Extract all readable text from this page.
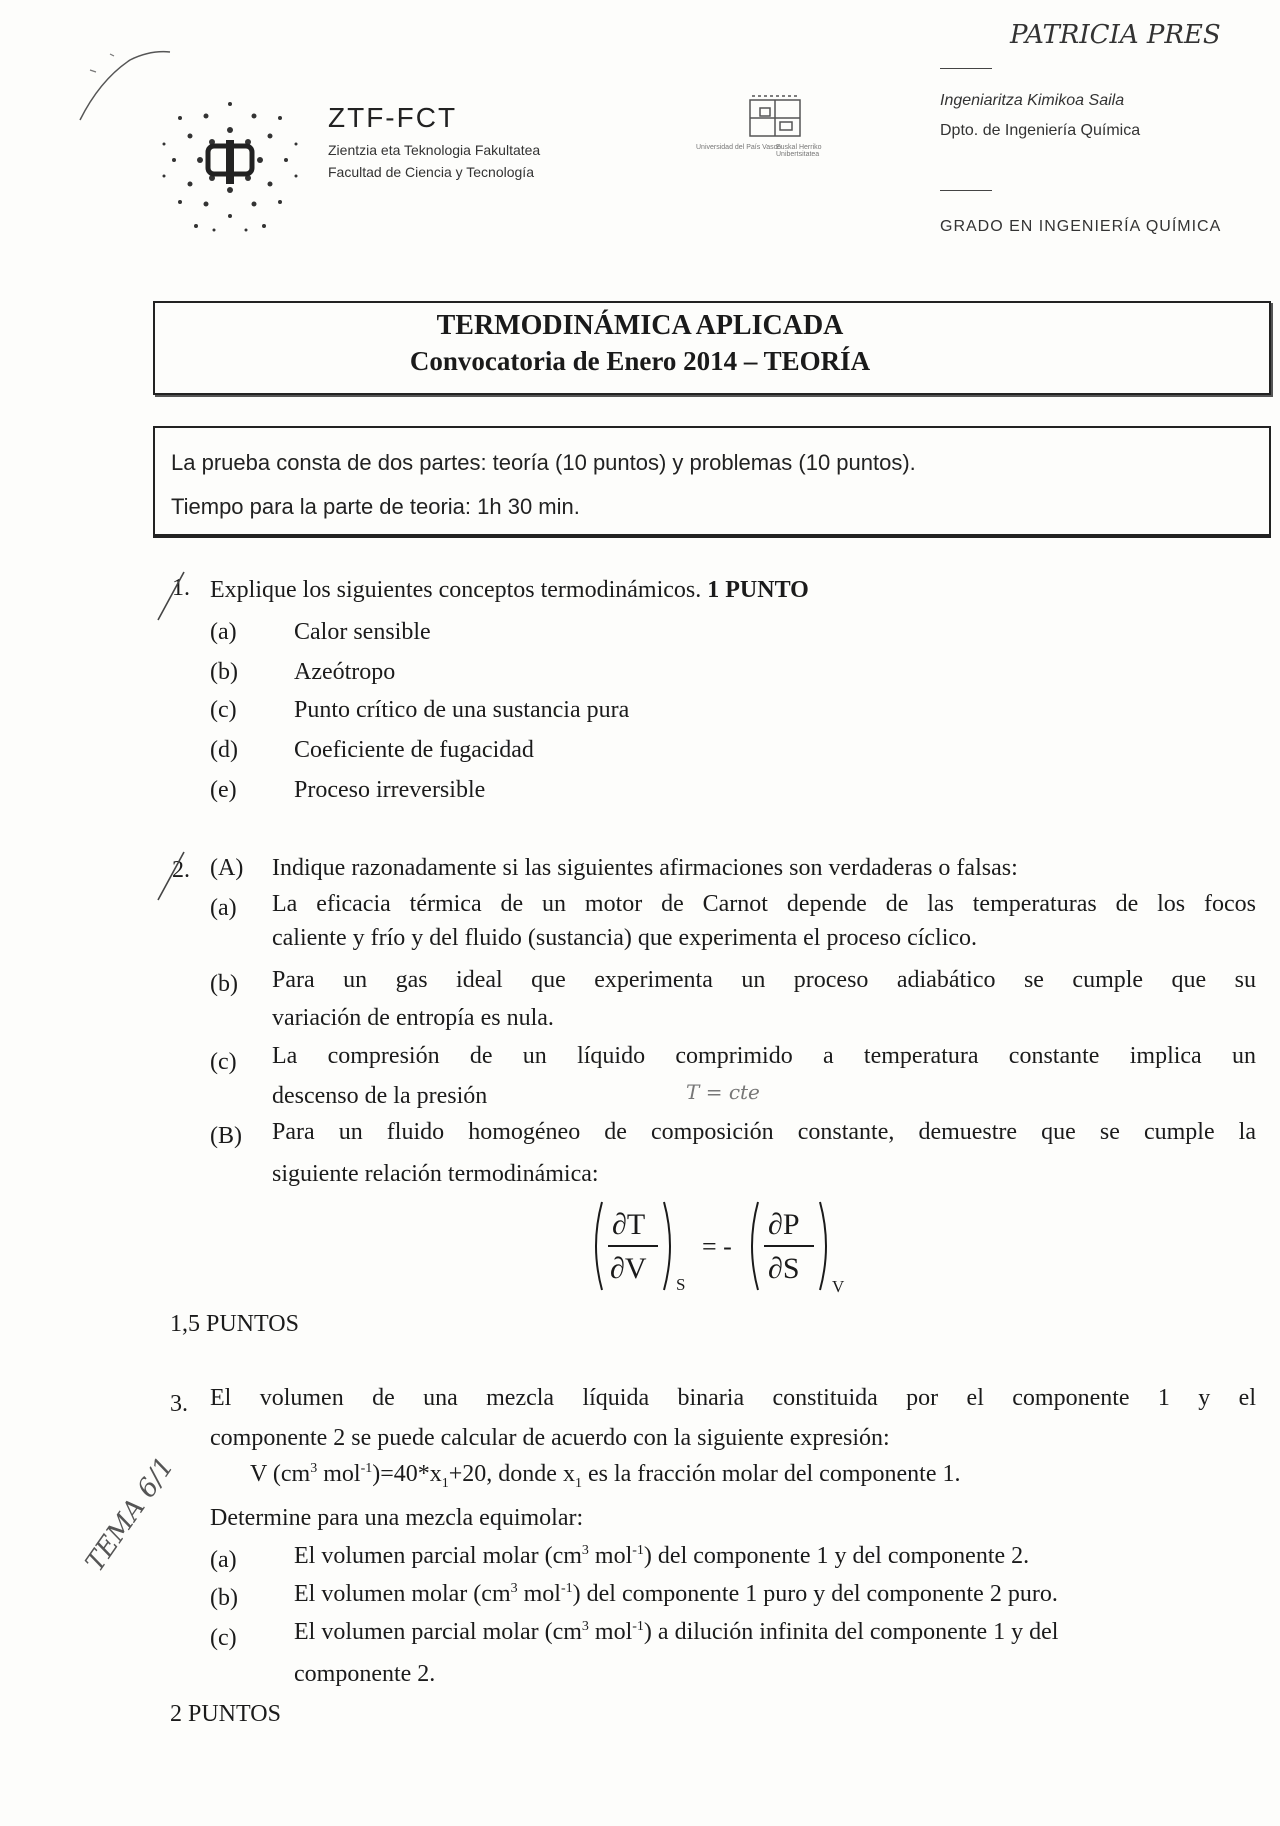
PATRICIA PRES
ZTF-FCT
Zientzia eta Teknologia Fakultatea
Facultad de Ciencia y Tecnología
Universidad del País Vasco
Euskal Herriko Unibertsitatea
Ingeniaritza Kimikoa Saila
Dpto. de Ingeniería Química
GRADO EN INGENIERÍA QUÍMICA
TERMODINÁMICA APLICADA
Convocatoria de Enero 2014 – TEORÍA
La prueba consta de dos partes: teoría (10 puntos) y problemas (10 puntos).
Tiempo para la parte de teoria: 1h 30 min.
1. Explique los siguientes conceptos termodinámicos. 1 PUNTO
(a) Calor sensible
(b) Azeótropo
(c) Punto crítico de una sustancia pura
(d) Coeficiente de fugacidad
(e) Proceso irreversible
2. (A) Indique razonadamente si las siguientes afirmaciones son verdaderas o falsas:
(a) La eficacia térmica de un motor de Carnot depende de las temperaturas de los focos
caliente y frío y del fluido (sustancia) que experimenta el proceso cíclico.
(b) Para un gas ideal que experimenta un proceso adiabático se cumple que su
variación de entropía es nula.
(c) La compresión de un líquido comprimido a temperatura constante implica un
descenso de la presión	T = cte
(B) Para un fluido homogéneo de composición constante, demuestre que se cumple la
siguiente relación termodinámica:
∂T
∂V S
= -
∂P
∂S
V
1,5 PUNTOS
3. El volumen de una mezcla líquida binaria constituida por el componente 1 y el
componente 2 se puede calcular de acuerdo con la siguiente expresión:
V ($cm^3$ $mol^{-1})=40*x_1+20$, donde $x_1$ es la fracción molar del componente 1.
Determine para una mezcla equimolar:
(a) El volumen parcial molar ($cm^3$ mol$^{-1}$) del componente 1 y del componente 2.
(b) El volumen molar ($cm^3$ mol$^{-1}$) del componente 1 puro y del componente 2 puro.
(c) El volumen parcial molar ($cm^3$ mol$^{-1}$) a dilución infinita del componente 1 y del
componente 2.
2 PUNTOS
TEMA 6/1
